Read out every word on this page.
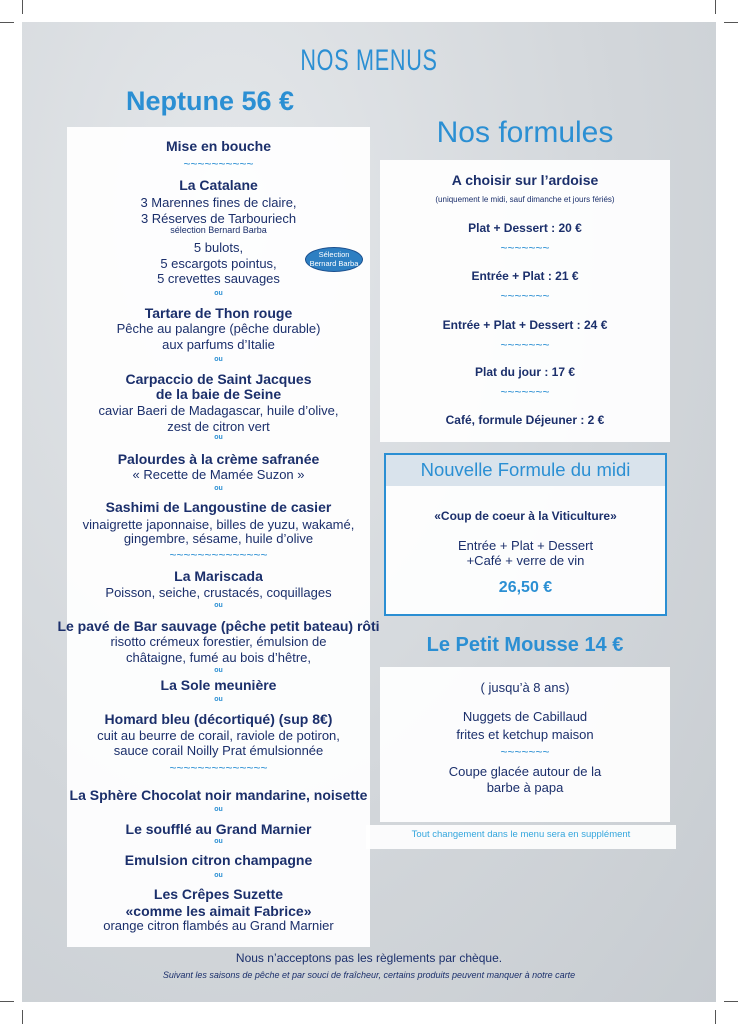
NOS MENUS
Neptune 56 €
Nos formules
Mise en bouche
~~~~~~~~~~
La Catalane
3 Marennes fines de claire,
3 Réserves de Tarbouriech
sélection Bernard Barba
5 bulots,
5 escargots pointus,
5 crevettes sauvages
ou
Tartare de Thon rouge
Pêche au palangre (pêche durable)
aux parfums d’Italie
ou
Carpaccio de Saint Jacques
de la baie de Seine
caviar Baeri de Madagascar, huile d’olive,
zest de citron vert
ou
Palourdes à la crème safranée
« Recette de Mamée Suzon »
ou
Sashimi de Langoustine de casier
vinaigrette japonnaise, billes de yuzu, wakamé,
gingembre, sésame, huile d’olive
~~~~~~~~~~~~~~
La Mariscada
Poisson, seiche, crustacés, coquillages
ou
Le pavé de Bar sauvage (pêche petit bateau) rôti
risotto crémeux forestier, émulsion de
châtaigne, fumé au bois d’hêtre,
ou
La Sole meunière
ou
Homard bleu (décortiqué) (sup 8€)
cuit au beurre de corail, raviole de potiron,
sauce corail Noilly Prat émulsionnée
~~~~~~~~~~~~~~
La Sphère Chocolat noir mandarine, noisette
ou
Le soufflé au Grand Marnier
ou
Emulsion citron champagne
ou
Les Crêpes Suzette
«comme les aimait Fabrice»
orange citron flambés au Grand Marnier
Sélection Bernard Barba
A choisir sur l’ardoise
(uniquement le midi, sauf dimanche et jours fériés)
Plat + Dessert : 20 €
~~~~~~~
Entrée + Plat : 21 €
~~~~~~~
Entrée + Plat + Dessert : 24 €
~~~~~~~
Plat du jour : 17 €
~~~~~~~
Café, formule Déjeuner : 2 €
Nouvelle Formule du midi
«Coup de coeur à la Viticulture»
Entrée + Plat + Dessert
+Café + verre de vin
26,50 €
Le Petit Mousse 14 €
( jusqu’à 8 ans)
Nuggets de Cabillaud
frites et ketchup maison
~~~~~~~
Coupe glacée autour de la
barbe à papa
Tout changement dans le menu sera en supplément
Nous n’acceptons pas les règlements par chèque.
Suivant les saisons de pêche et par souci de fraîcheur, certains produits peuvent manquer à notre carte
